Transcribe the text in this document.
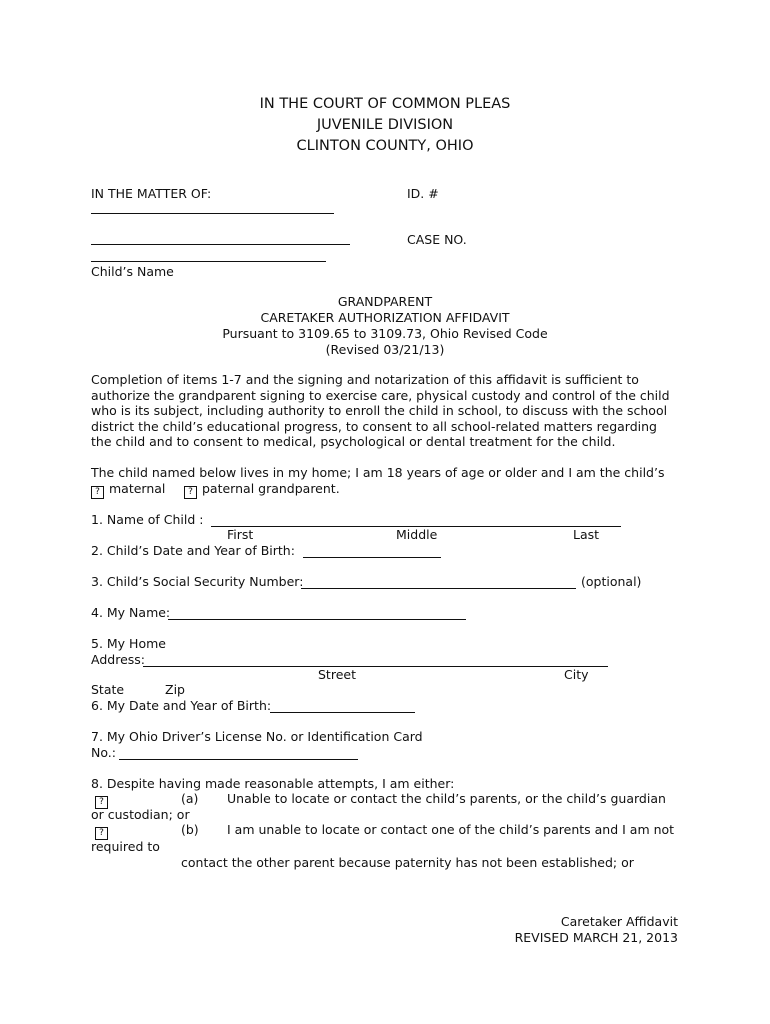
IN THE COURT OF COMMON PLEAS
JUVENILE DIVISION
CLINTON COUNTY, OHIO
IN THE MATTER OF:	ID. #
CASE NO.
Child’s Name
GRANDPARENT
CARETAKER AUTHORIZATION AFFIDAVIT
Pursuant to 3109.65 to 3109.73, Ohio Revised Code
(Revised 03/21/13)
Completion of items 1-7 and the signing and notarization of this affidavit is sufficient to
authorize the grandparent signing to exercise care, physical custody and control of the child
who is its subject, including authority to enroll the child in school, to discuss with the school
district the child’s educational progress, to consent to all school-related matters regarding
the child and to consent to medical, psychological or dental treatment for the child.
The child named below lives in my home; I am 18 years of age or older and I am the child’s
? maternal	? paternal grandparent.
1. Name of Child :
First	Middle	Last
2. Child’s Date and Year of Birth:
3. Child’s Social Security Number:	(optional)
4. My Name:
5. My Home
Address:
Street	City
State	Zip
6. My Date and Year of Birth:
7. My Ohio Driver’s License No. or Identification Card
No.:
8. Despite having made reasonable attempts, I am either:
?	(a) Unable to locate or contact the child’s parents, or the child’s guardian
or custodian; or
?	(b) I am unable to locate or contact one of the child’s parents and I am not
required to
contact the other parent because paternity has not been established; or
Caretaker Affidavit
REVISED MARCH 21, 2013
